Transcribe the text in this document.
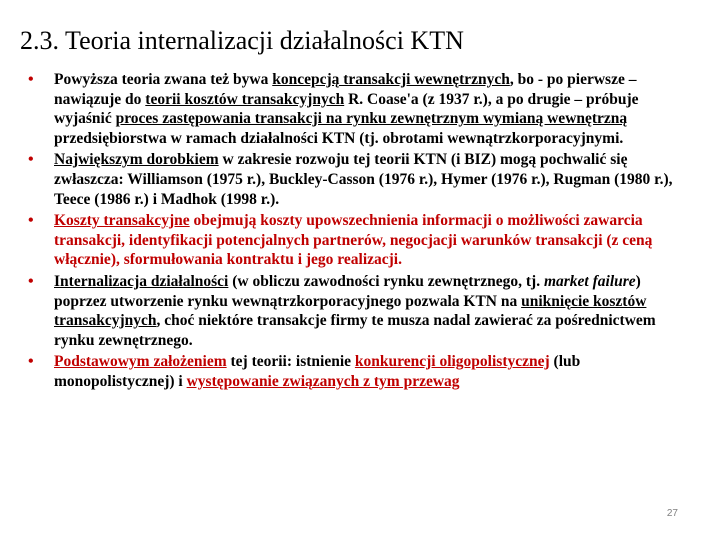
2.3. Teoria internalizacji działalności KTN
• Powyższa teoria zwana też bywa koncepcją transakcji wewnętrznych, bo - po pierwsze – nawiązuje do teorii kosztów transakcyjnych R. Coase'a (z 1937 r.), a po drugie – próbuje wyjaśnić proces zastępowania transakcji na rynku zewnętrznym wymianą wewnętrzną przedsiębiorstwa w ramach działalności KTN (tj. obrotami wewnątrzkorporacyjnymi.
• Największym dorobkiem w zakresie rozwoju tej teorii KTN (i BIZ) mogą pochwalić się zwłaszcza: Williamson (1975 r.), Buckley-Casson (1976 r.), Hymer (1976 r.), Rugman (1980 r.), Teece (1986 r.) i Madhok (1998 r.).
• Koszty transakcyjne obejmują koszty upowszechnienia informacji o możliwości zawarcia transakcji, identyfikacji potencjalnych partnerów, negocjacji warunków transakcji (z ceną włącznie), sformułowania kontraktu i jego realizacji.
• Internalizacja działalności (w obliczu zawodności rynku zewnętrznego, tj. market failure) poprzez utworzenie rynku wewnątrzkorporacyjnego pozwala KTN na uniknięcie kosztów transakcyjnych, choć niektóre transakcje firmy te musza nadal zawierać za pośrednictwem rynku zewnętrznego.
• Podstawowym założeniem tej teorii: istnienie konkurencji oligopolistycznej (lub monopolistycznej) i występowanie związanych z tym przewag
27
